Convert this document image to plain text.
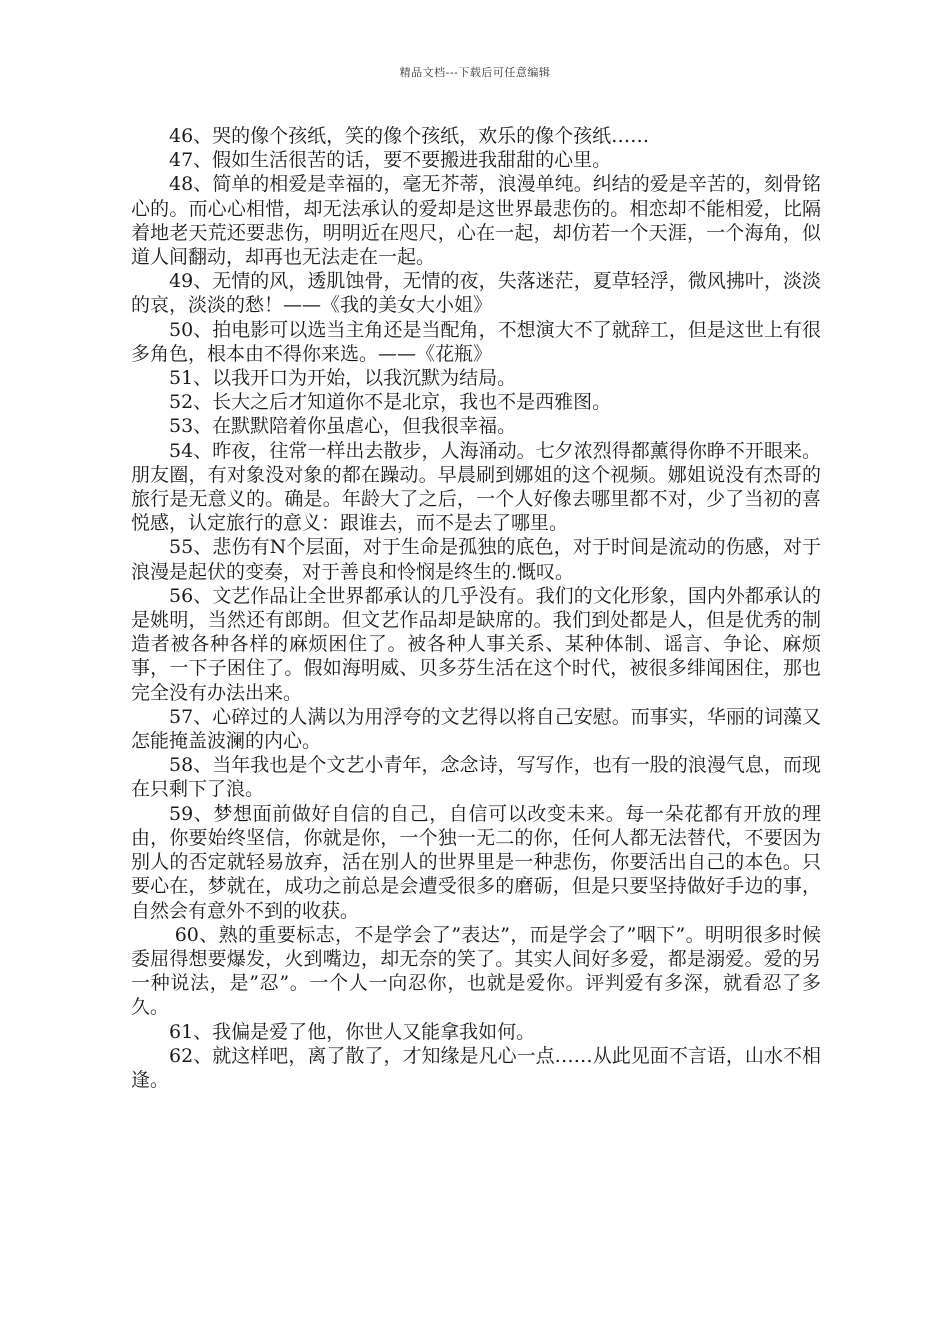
精品文档---下载后可任意编辑

46、哭的像个孩纸，笑的像个孩纸，欢乐的像个孩纸……

47、假如生活很苦的话，要不要搬进我甜甜的心里。

48、简单的相爱是幸福的，毫无芥蒂，浪漫单纯。纠结的爱是辛苦的，刻骨铭心的。而心心相惜，却无法承认的爱却是这世界最悲伤的。相恋却不能相爱，比隔着地老天荒还要悲伤，明明近在咫尺，心在一起，却仿若一个天涯，一个海角，似道人间翻动，却再也无法走在一起。

49、无情的风，透肌蚀骨，无情的夜，失落迷茫，夏草轻浮，微风拂叶，淡淡的哀，淡淡的愁！——《我的美女大小姐》

50、拍电影可以选当主角还是当配角，不想演大不了就辞工，但是这世上有很多角色，根本由不得你来选。——《花瓶》

51、以我开口为开始，以我沉默为结局。

52、长大之后才知道你不是北京，我也不是西雅图。

53、在默默陪着你虽虐心，但我很幸福。

54、昨夜，往常一样出去散步，人海涌动。七夕浓烈得都薰得你睁不开眼来。朋友圈，有对象没对象的都在躁动。早晨刷到娜姐的这个视频。娜姐说没有杰哥的旅行是无意义的。确是。年龄大了之后，一个人好像去哪里都不对，少了当初的喜悦感，认定旅行的意义：跟谁去，而不是去了哪里。

55、悲伤有N个层面，对于生命是孤独的底色，对于时间是流动的伤感，对于浪漫是起伏的变奏，对于善良和怜悯是终生的.慨叹。

56、文艺作品让全世界都承认的几乎没有。我们的文化形象，国内外都承认的是姚明，当然还有郎朗。但文艺作品却是缺席的。我们到处都是人，但是优秀的制造者被各种各样的麻烦困住了。被各种人事关系、某种体制、谣言、争论、麻烦事，一下子困住了。假如海明威、贝多芬生活在这个时代，被很多绯闻困住，那也完全没有办法出来。

57、心碎过的人满以为用浮夸的文艺得以将自己安慰。而事实，华丽的词藻又怎能掩盖波澜的内心。

58、当年我也是个文艺小青年，念念诗，写写作，也有一股的浪漫气息，而现在只剩下了浪。

59、梦想面前做好自信的自己，自信可以改变未来。每一朵花都有开放的理由，你要始终坚信，你就是你，一个独一无二的你，任何人都无法替代，不要因为别人的否定就轻易放弃，活在别人的世界里是一种悲伤，你要活出自己的本色。只要心在，梦就在，成功之前总是会遭受很多的磨砺，但是只要坚持做好手边的事，自然会有意外不到的收获。

60、熟的重要标志，不是学会了”表达”，而是学会了”咽下”。明明很多时候委屈得想要爆发，火到嘴边，却无奈的笑了。其实人间好多爱，都是溺爱。爱的另一种说法，是”忍”。一个人一向忍你，也就是爱你。评判爱有多深，就看忍了多久。

61、我偏是爱了他，你世人又能拿我如何。

62、就这样吧，离了散了，才知缘是凡心一点……从此见面不言语，山水不相逢。
